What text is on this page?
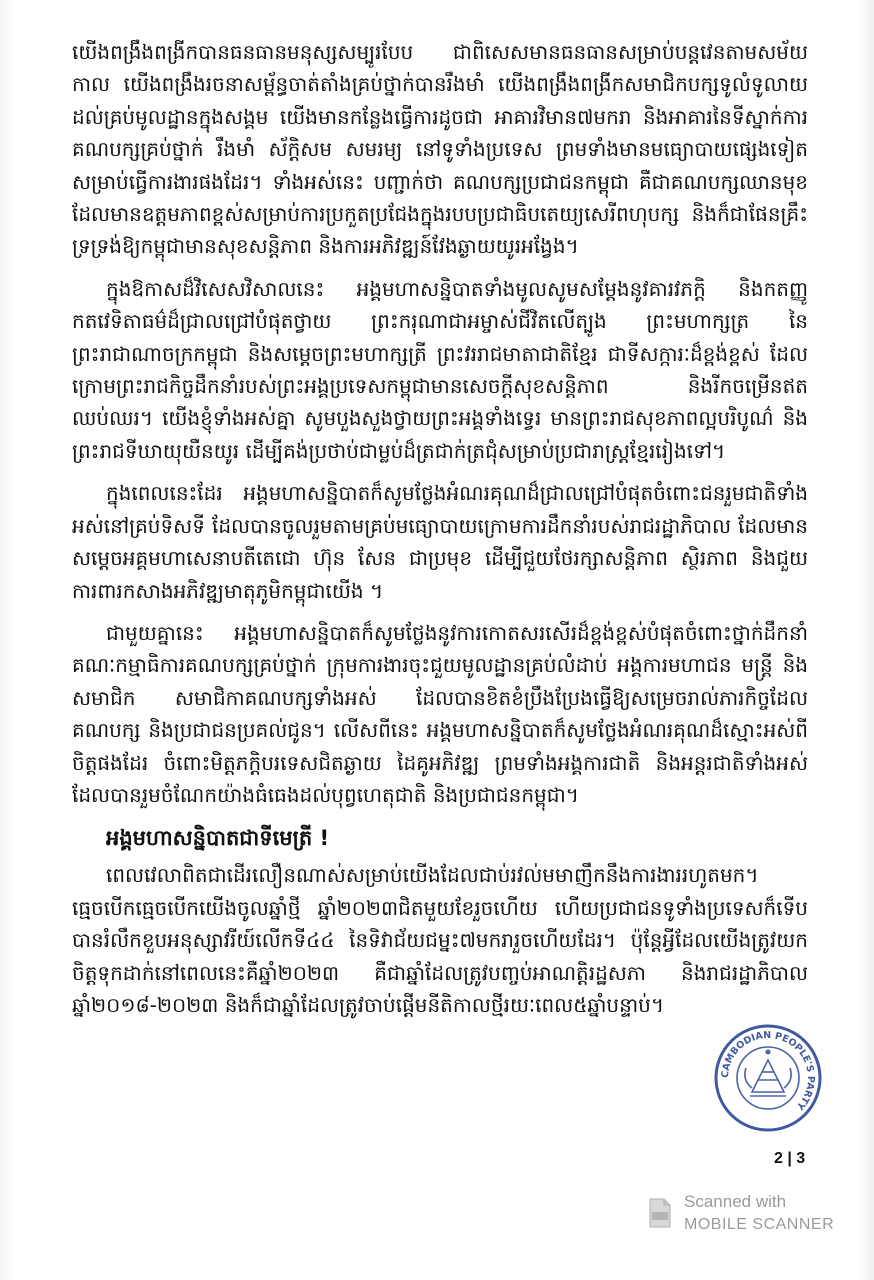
យើងពង្រឹងពង្រីកបានធនធានមនុស្សសម្បូរបែប ជាពិសេសមានធនធានសម្រាប់បន្តវេនតាមសម័យកាល យើងពង្រឹងរចនាសម្ព័ន្ធចាត់តាំងគ្រប់ថ្នាក់បានរឹងមាំ យើងពង្រឹងពង្រីកសមាជិកបក្សទូលំទូលាយដល់គ្រប់មូលដ្ឋានក្នុងសង្គម យើងមានកន្លែងធ្វើការដូចជា អាគារវិមាន៧មករា និងអាគារនៃទីស្នាក់ការគណបក្សគ្រប់ថ្នាក់ រឹងមាំ ស័ក្តិសម សមរម្យ នៅទូទាំងប្រទេស ព្រមទាំងមានមធ្យោបាយផ្សេងទៀតសម្រាប់ធ្វើការងារផងដែរ។ ទាំងអស់នេះ បញ្ជាក់ថា គណបក្សប្រជាជនកម្ពុជា គឺជាគណបក្សឈានមុខដែលមានឧត្តមភាពខ្ពស់សម្រាប់ការប្រកួតប្រជែងក្នុងរបបប្រជាធិបតេយ្យសេរីពហុបក្ស និងក៏ជាផែនគ្រឹះទ្រទ្រង់ឱ្យកម្ពុជាមានសុខសន្តិភាព និងការអភិវឌ្ឍន៍វែងឆ្ងាយយូរអង្វែង។

ក្នុងឱកាសដ៏វិសេសវិសាលនេះ អង្គមហាសន្និបាតទាំងមូលសូមសម្តែងនូវគារវភក្តិ និងកតញ្ញូកតវេទិតាធម៌ដ៏ជ្រាលជ្រៅបំផុតថ្វាយ ព្រះករុណាជាអម្ចាស់ជីវិតលើត្បូង ព្រះមហាក្សត្រ នៃព្រះរាជាណាចក្រកម្ពុជា និងសម្តេចព្រះមហាក្សត្រី ព្រះវររាជមាតាជាតិខ្មែរ ជាទីសក្ការៈដ៏ខ្ពង់ខ្ពស់ ដែលក្រោមព្រះរាជកិច្ចដឹកនាំរបស់ព្រះអង្គប្រទេសកម្ពុជាមានសេចក្តីសុខសន្តិភាព និងរីកចម្រើនឥតឈប់ឈរ។ យើងខ្ញុំទាំងអស់គ្នា សូមបួងសួងថ្វាយព្រះអង្គទាំងទ្វេរ មានព្រះរាជសុខភាពល្អបរិបូណ៌ និងព្រះរាជទីឃាយុយឺនយូរ ដើម្បីគង់ប្រថាប់ជាម្លប់ដ៏ត្រជាក់ត្រជុំសម្រាប់ប្រជារាស្ត្រខ្មែររៀងទៅ។

ក្នុងពេលនេះដែរ អង្គមហាសន្និបាតក៏សូមថ្លែងអំណរគុណដ៏ជ្រាលជ្រៅបំផុតចំពោះជនរួមជាតិទាំងអស់នៅគ្រប់ទិសទី ដែលបានចូលរួមតាមគ្រប់មធ្យោបាយក្រោមការដឹកនាំរបស់រាជរដ្ឋាភិបាល ដែលមានសម្តេចអគ្គមហាសេនាបតីតេជោ ហ៊ុន សែន ជាប្រមុខ ដើម្បីជួយថែរក្សាសន្តិភាព ស្ថិរភាព និងជួយការពារកសាងអភិវឌ្ឍមាតុភូមិកម្ពុជាយើង ។

ជាមួយគ្នានេះ អង្គមហាសន្និបាតក៏សូមថ្លែងនូវការកោតសរសើរដ៏ខ្ពង់ខ្ពស់បំផុតចំពោះថ្នាក់ដឹកនាំគណៈកម្មាធិការគណបក្សគ្រប់ថ្នាក់ ក្រុមការងារចុះជួយមូលដ្ឋានគ្រប់លំដាប់ អង្គការមហាជន មន្ត្រី និងសមាជិក សមាជិកាគណបក្សទាំងអស់ ដែលបានខិតខំប្រឹងប្រែងធ្វើឱ្យសម្រេចរាល់ភារកិច្ចដែលគណបក្ស និងប្រជាជនប្រគល់ជូន។ លើសពីនេះ អង្គមហាសន្និបាតក៏សូមថ្លែងអំណរគុណដ៏ស្មោះអស់ពីចិត្តផងដែរ ចំពោះមិត្តភក្តិបរទេសជិតឆ្ងាយ ដៃគូអភិវឌ្ឍ ព្រមទាំងអង្គការជាតិ និងអន្តរជាតិទាំងអស់ ដែលបានរួមចំណែកយ៉ាងធំធេងដល់បុព្វហេតុជាតិ និងប្រជាជនកម្ពុជា។

អង្គមហាសន្និបាតជាទីមេត្រី !

ពេលវេលាពិតជាដើរលឿនណាស់សម្រាប់យើងដែលជាប់រវល់មមាញឹកនឹងការងាររហូតមក។ ធ្មេចបើកធ្មេចបើកយើងចូលឆ្នាំថ្មី ឆ្នាំ២០២៣ជិតមួយខែរួចហើយ ហើយប្រជាជនទូទាំងប្រទេសក៏ទើបបានរំលឹកខួបអនុស្សាវរីយ៍លើកទី៤៤ នៃទិវាជ័យជម្នះ៧មករារួចហើយដែរ។ ប៉ុន្តែអ្វីដែលយើងត្រូវយកចិត្តទុកដាក់នៅពេលនេះគឺឆ្នាំ២០២៣ គឺជាឆ្នាំដែលត្រូវបញ្ចប់អាណត្តិរដ្ឋសភា និងរាជរដ្ឋាភិបាលឆ្នាំ២០១៨-២០២៣ និងក៏ជាឆ្នាំដែលត្រូវចាប់ផ្តើមនីតិកាលថ្មីរយៈពេល៥ឆ្នាំបន្ទាប់។

CAMBODIAN PEOPLE'S PARTY
2 | 3
Scanned with
MOBILE SCANNER
